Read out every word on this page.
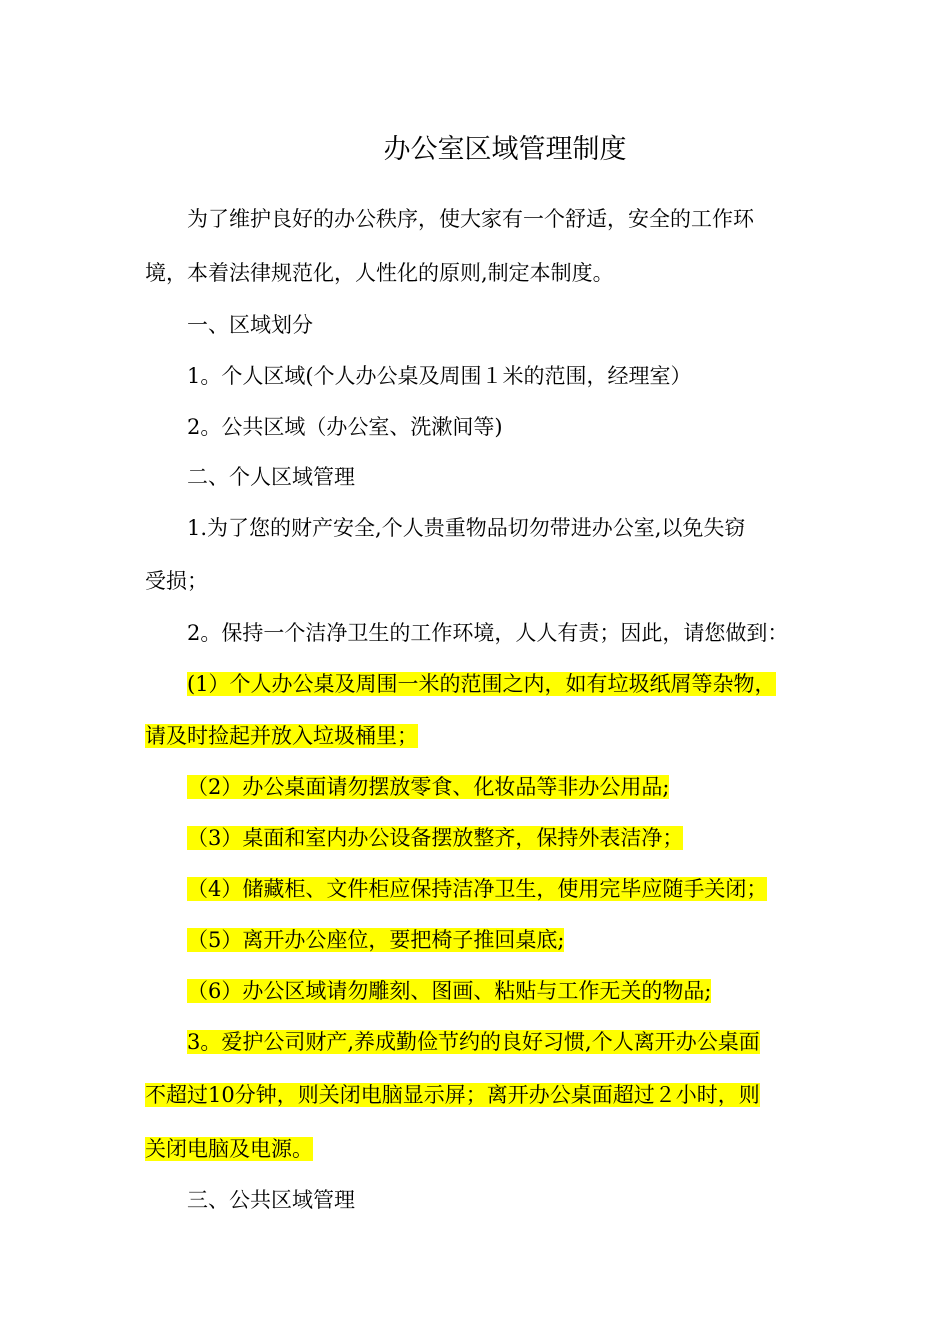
办公室区域管理制度
为了维护良好的办公秩序，使大家有一个舒适，安全的工作环
境，本着法律规范化，人性化的原则,制定本制度。
一、区域划分
1。个人区域(个人办公桌及周围１米的范围，经理室）
2。公共区域（办公室、洗漱间等)
二、个人区域管理
1.为了您的财产安全,个人贵重物品切勿带进办公室,以免失窃
受损；
2。保持一个洁净卫生的工作环境，人人有责；因此，请您做到：
(1）个人办公桌及周围一米的范围之内，如有垃圾纸屑等杂物，
请及时捡起并放入垃圾桶里；
（2）办公桌面请勿摆放零食、化妆品等非办公用品;
（3）桌面和室内办公设备摆放整齐，保持外表洁净；
（4）储藏柜、文件柜应保持洁净卫生，使用完毕应随手关闭；
（5）离开办公座位，要把椅子推回桌底;
（6）办公区域请勿雕刻、图画、粘贴与工作无关的物品;
3。爱护公司财产,养成勤俭节约的良好习惯,个人离开办公桌面
不超过10分钟，则关闭电脑显示屏；离开办公桌面超过２小时，则
关闭电脑及电源。
三、公共区域管理
